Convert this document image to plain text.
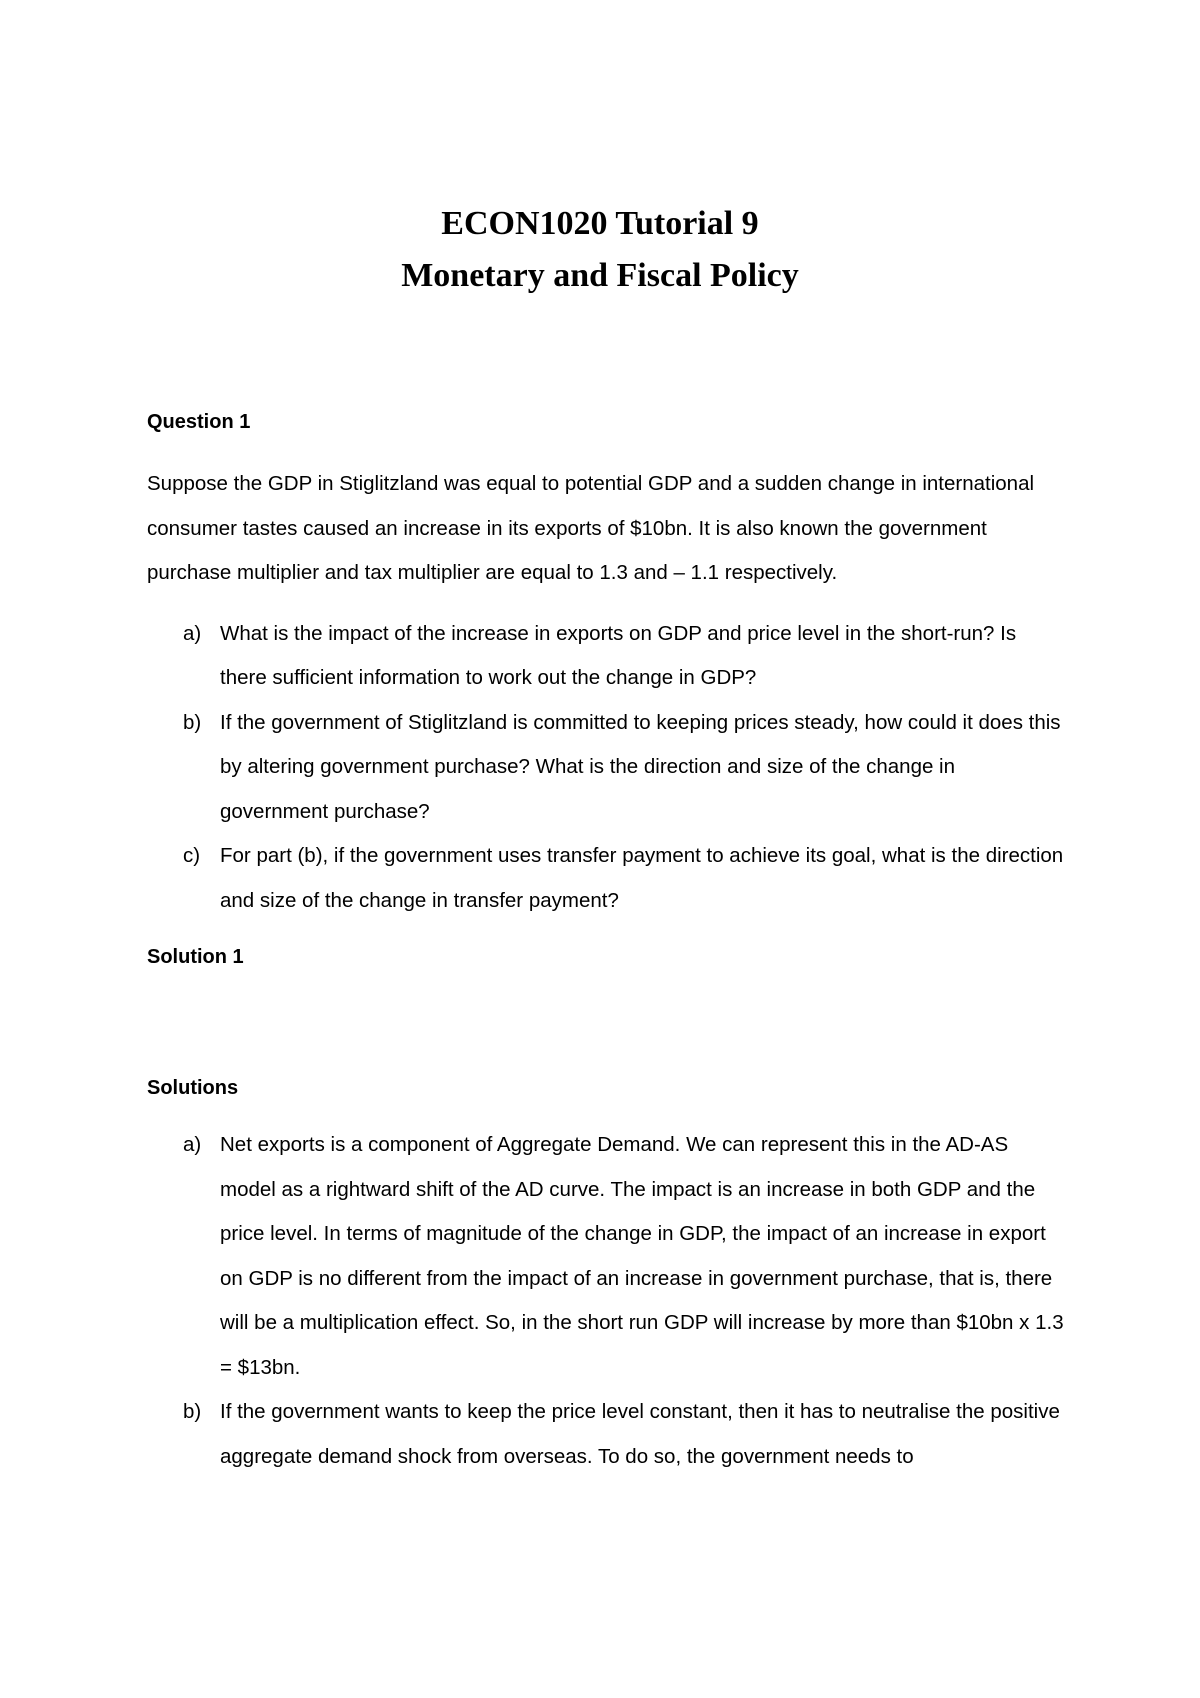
ECON1020 Tutorial 9

Monetary and Fiscal Policy

Question 1

Suppose the GDP in Stiglitzland was equal to potential GDP and a sudden change in international consumer tastes caused an increase in its exports of $10bn. It is also known the government purchase multiplier and tax multiplier are equal to 1.3 and – 1.1 respectively.

a) What is the impact of the increase in exports on GDP and price level in the short-run? Is there sufficient information to work out the change in GDP?
b) If the government of Stiglitzland is committed to keeping prices steady, how could it does this by altering government purchase? What is the direction and size of the change in government purchase?
c) For part (b), if the government uses transfer payment to achieve its goal, what is the direction and size of the change in transfer payment?

Solution 1

Solutions

a) Net exports is a component of Aggregate Demand. We can represent this in the AD-AS model as a rightward shift of the AD curve. The impact is an increase in both GDP and the price level. In terms of magnitude of the change in GDP, the impact of an increase in export on GDP is no different from the impact of an increase in government purchase, that is, there will be a multiplication effect. So, in the short run GDP will increase by more than $10bn x 1.3 = $13bn.
b) If the government wants to keep the price level constant, then it has to neutralise the positive aggregate demand shock from overseas. To do so, the government needs to
